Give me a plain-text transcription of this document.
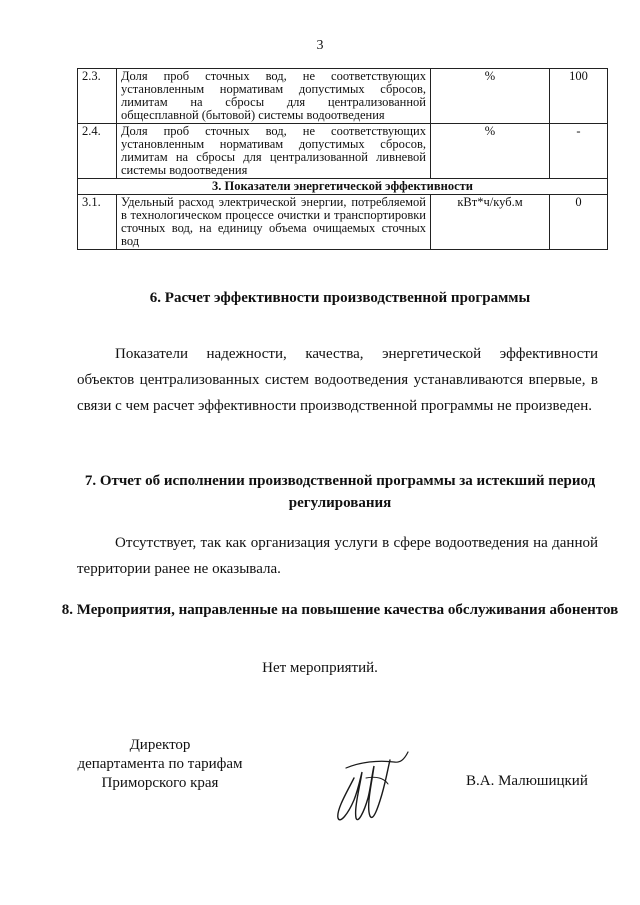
3
2.3.	Доля проб сточных вод, не соответствующих установленным нормативам допустимых сбросов, лимитам на сбросы для централизованной общесплавной (бытовой) системы водоотведения	%	100
2.4.	Доля проб сточных вод, не соответствующих установленным нормативам допустимых сбросов, лимитам на сбросы для централизованной ливневой системы водоотведения	%	-
3. Показатели энергетической эффективности			
3.1.	Удельный расход электрической энергии, потребляемой в технологическом процессе очистки и транспортировки сточных вод, на единицу объема очищаемых сточных вод	кВт*ч/куб.м	0
6. Расчет эффективности производственной программы
Показатели надежности, качества, энергетической эффективности объектов централизованных систем водоотведения устанавливаются впервые, в связи с чем расчет эффективности производственной программы не произведен.
7. Отчет об исполнении производственной программы за истекший период регулирования
Отсутствует, так как организация услуги в сфере водоотведения на данной территории ранее не оказывала.
8. Мероприятия, направленные на повышение качества обслуживания абонентов
Нет мероприятий.
Директор
департамента по тарифам
Приморского края	В.А. Малюшицкий
